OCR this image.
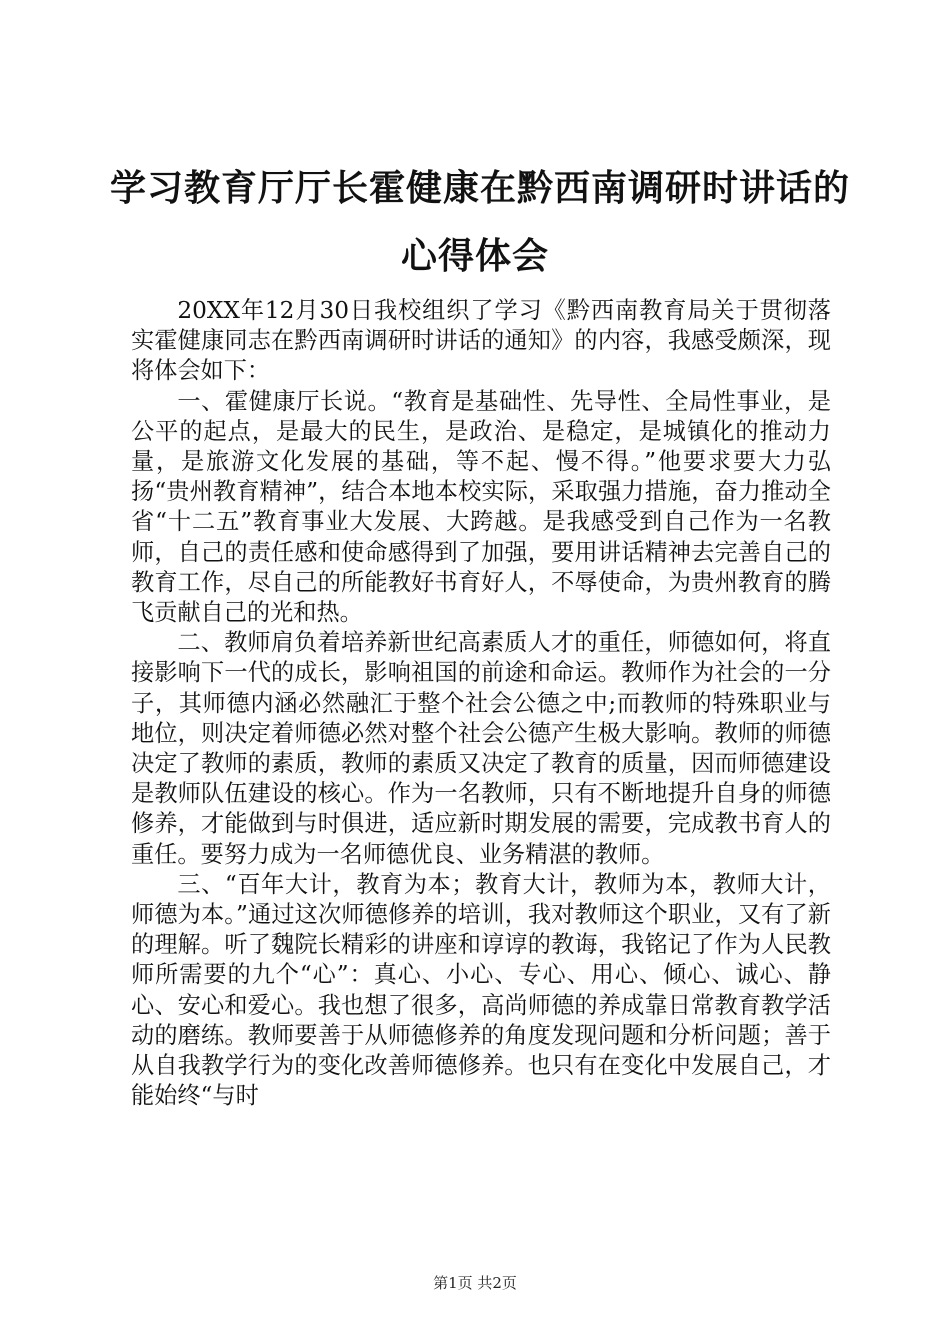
学习教育厅厅长霍健康在黔西南调研时讲话的
心得体会

20XX年12月30日我校组织了学习《黔西南教育局关于贯彻落实霍健康同志在黔西南调研时讲话的通知》的内容，我感受颇深，现将体会如下：

一、霍健康厅长说。“教育是基础性、先导性、全局性事业，是公平的起点，是最大的民生，是政治、是稳定，是城镇化的推动力量，是旅游文化发展的基础，等不起、慢不得。”他要求要大力弘扬“贵州教育精神”，结合本地本校实际，采取强力措施，奋力推动全省“十二五”教育事业大发展、大跨越。是我感受到自己作为一名教师，自己的责任感和使命感得到了加强，要用讲话精神去完善自己的教育工作，尽自己的所能教好书育好人，不辱使命，为贵州教育的腾飞贡献自己的光和热。

二、教师肩负着培养新世纪高素质人才的重任，师德如何，将直接影响下一代的成长，影响祖国的前途和命运。教师作为社会的一分子，其师德内涵必然融汇于整个社会公德之中;而教师的特殊职业与地位，则决定着师德必然对整个社会公德产生极大影响。教师的师德决定了教师的素质，教师的素质又决定了教育的质量，因而师德建设是教师队伍建设的核心。作为一名教师，只有不断地提升自身的师德修养，才能做到与时俱进，适应新时期发展的需要，完成教书育人的重任。要努力成为一名师德优良、业务精湛的教师。

三、“百年大计，教育为本；教育大计，教师为本，教师大计，师德为本。”通过这次师德修养的培训，我对教师这个职业，又有了新的理解。听了魏院长精彩的讲座和谆谆的教诲，我铭记了作为人民教师所需要的九个“心”：真心、小心、专心、用心、倾心、诚心、静心、安心和爱心。我也想了很多，高尚师德的养成靠日常教育教学活动的磨练。教师要善于从师德修养的角度发现问题和分析问题；善于从自我教学行为的变化改善师德修养。也只有在变化中发展自己，才能始终“与时

第1页 共2页
